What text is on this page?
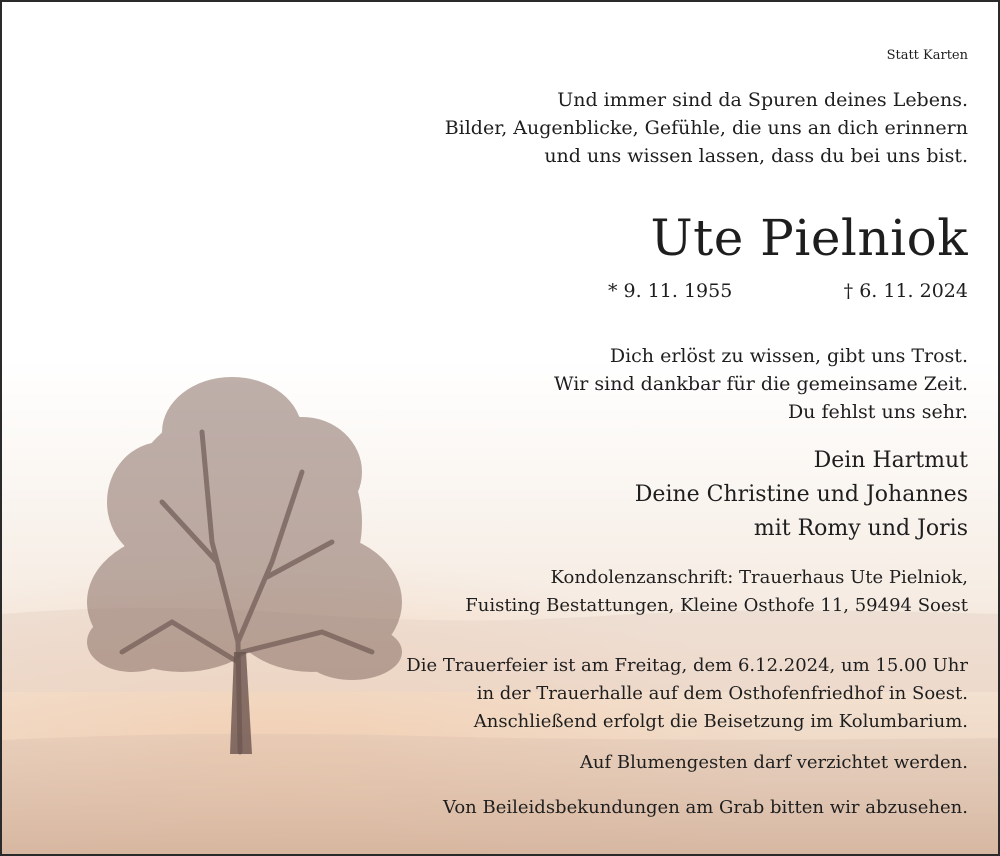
Statt Karten

Und immer sind da Spuren deines Lebens.
Bilder, Augenblicke, Gefühle, die uns an dich erinnern
und uns wissen lassen, dass du bei uns bist.

Ute Pielniok
* 9. 11. 1955	† 6. 11. 2024

Dich erlöst zu wissen, gibt uns Trost.
Wir sind dankbar für die gemeinsame Zeit.
Du fehlst uns sehr.

Dein Hartmut
Deine Christine und Johannes
mit Romy und Joris

Kondolenzanschrift: Trauerhaus Ute Pielniok,
Fuisting Bestattungen, Kleine Osthofe 11, 59494 Soest

Die Trauerfeier ist am Freitag, dem 6.12.2024, um 15.00 Uhr
in der Trauerhalle auf dem Osthofenfriedhof in Soest.
Anschließend erfolgt die Beisetzung im Kolumbarium.

Auf Blumengesten darf verzichtet werden.

Von Beileidsbekundungen am Grab bitten wir abzusehen.
